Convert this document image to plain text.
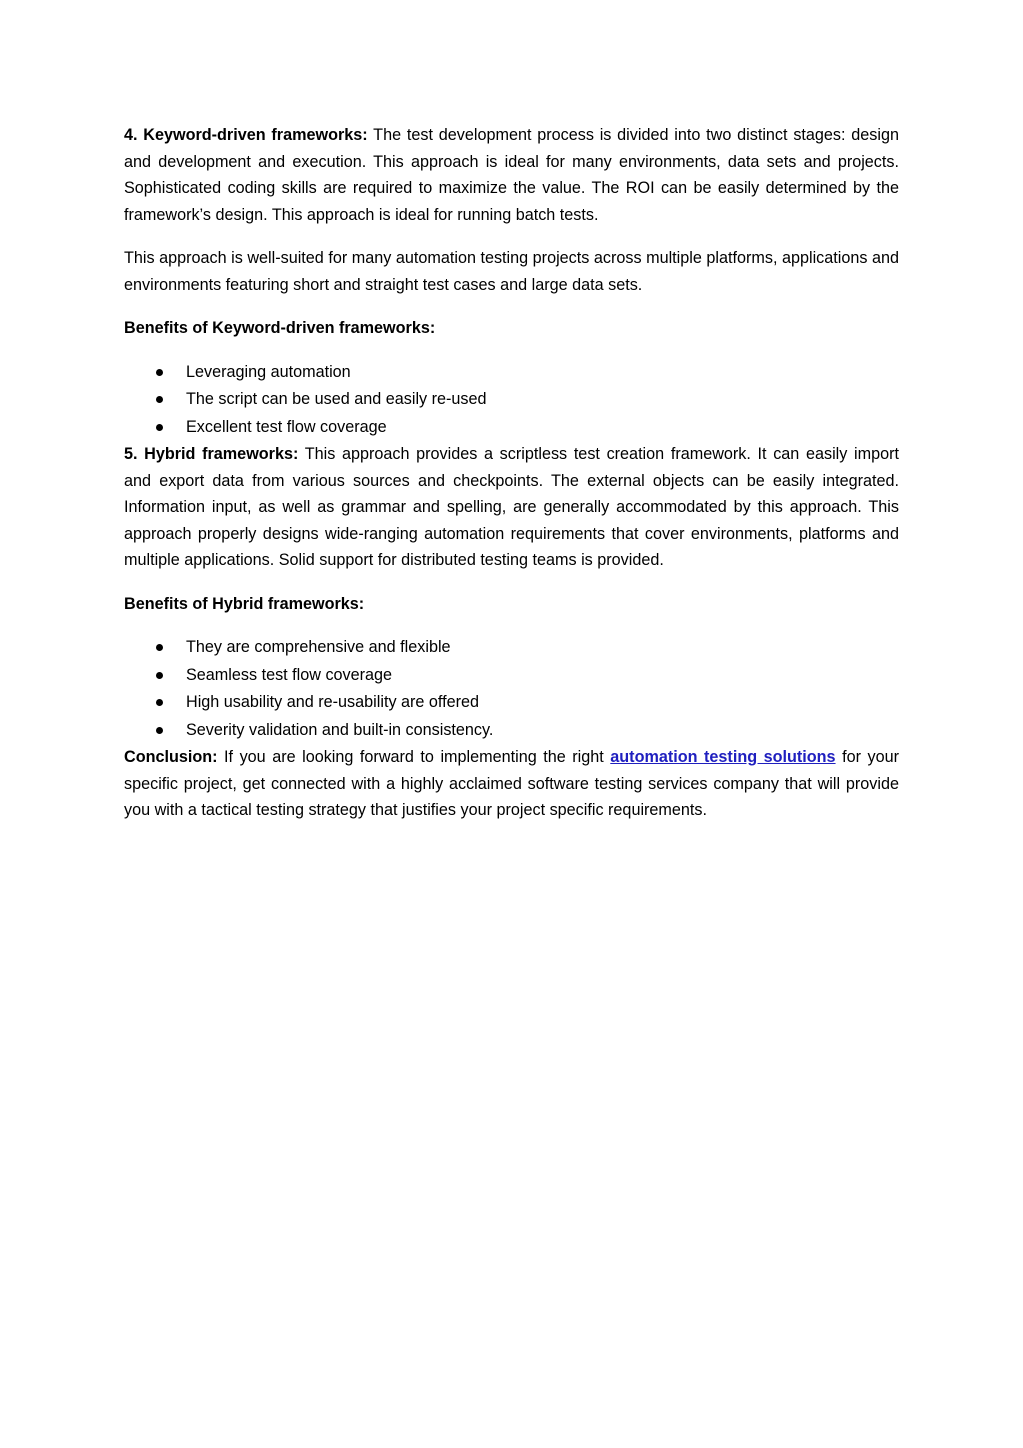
4. Keyword-driven frameworks: The test development process is divided into two distinct stages: design and development and execution. This approach is ideal for many environments, data sets and projects. Sophisticated coding skills are required to maximize the value. The ROI can be easily determined by the framework’s design. This approach is ideal for running batch tests.

This approach is well-suited for many automation testing projects across multiple platforms, applications and environments featuring short and straight test cases and large data sets.

Benefits of Keyword-driven frameworks:

Leveraging automation
The script can be used and easily re-used
Excellent test flow coverage

5. Hybrid frameworks: This approach provides a scriptless test creation framework. It can easily import and export data from various sources and checkpoints. The external objects can be easily integrated. Information input, as well as grammar and spelling, are generally accommodated by this approach. This approach properly designs wide-ranging automation requirements that cover environments, platforms and multiple applications. Solid support for distributed testing teams is provided.

Benefits of Hybrid frameworks:

They are comprehensive and flexible
Seamless test flow coverage
High usability and re-usability are offered
Severity validation and built-in consistency.

Conclusion: If you are looking forward to implementing the right automation testing solutions for your specific project, get connected with a highly acclaimed software testing services company that will provide you with a tactical testing strategy that justifies your project specific requirements.
